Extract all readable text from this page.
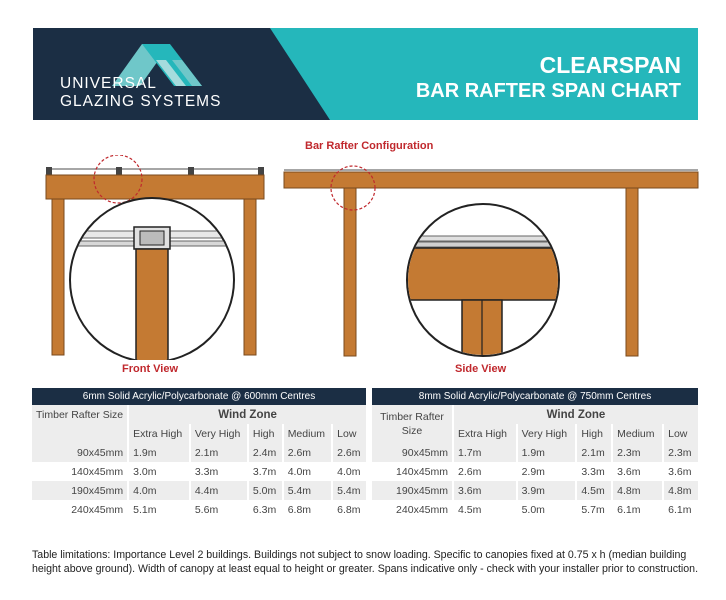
UNIVERSAL
GLAZING SYSTEMS
CLEARSPAN
BAR RAFTER SPAN CHART
Bar Rafter Configuration
Front View	Side View
6mm Solid Acrylic/Polycarbonate @ 600mm Centres
Timber Rafter Size		Wind Zone								
		Extra High		Very High		High		Medium		Low
90x45mm		1.9m		2.1m		2.4m		2.6m		2.6m
140x45mm		3.0m		3.3m		3.7m		4.0m		4.0m
190x45mm		4.0m		4.4m		5.0m		5.4m		5.4m
240x45mm		5.1m		5.6m		6.3m		6.8m		6.8m
8mm Solid Acrylic/Polycarbonate @ 750mm Centres
Timber Rafter
Size		Wind Zone								
		Extra High		Very High		High		Medium		Low
90x45mm		1.7m		1.9m		2.1m		2.3m		2.3m
140x45mm		2.6m		2.9m		3.3m		3.6m		3.6m
190x45mm		3.6m		3.9m		4.5m		4.8m		4.8m
240x45mm		4.5m		5.0m		5.7m		6.1m		6.1m
Table limitations: Importance Level 2 buildings. Buildings not subject to snow loading. Specific to canopies fixed at 0.75 x h (median building height above ground). Width of canopy at least equal to height or greater. Spans indicative only - check with your installer prior to construction.
